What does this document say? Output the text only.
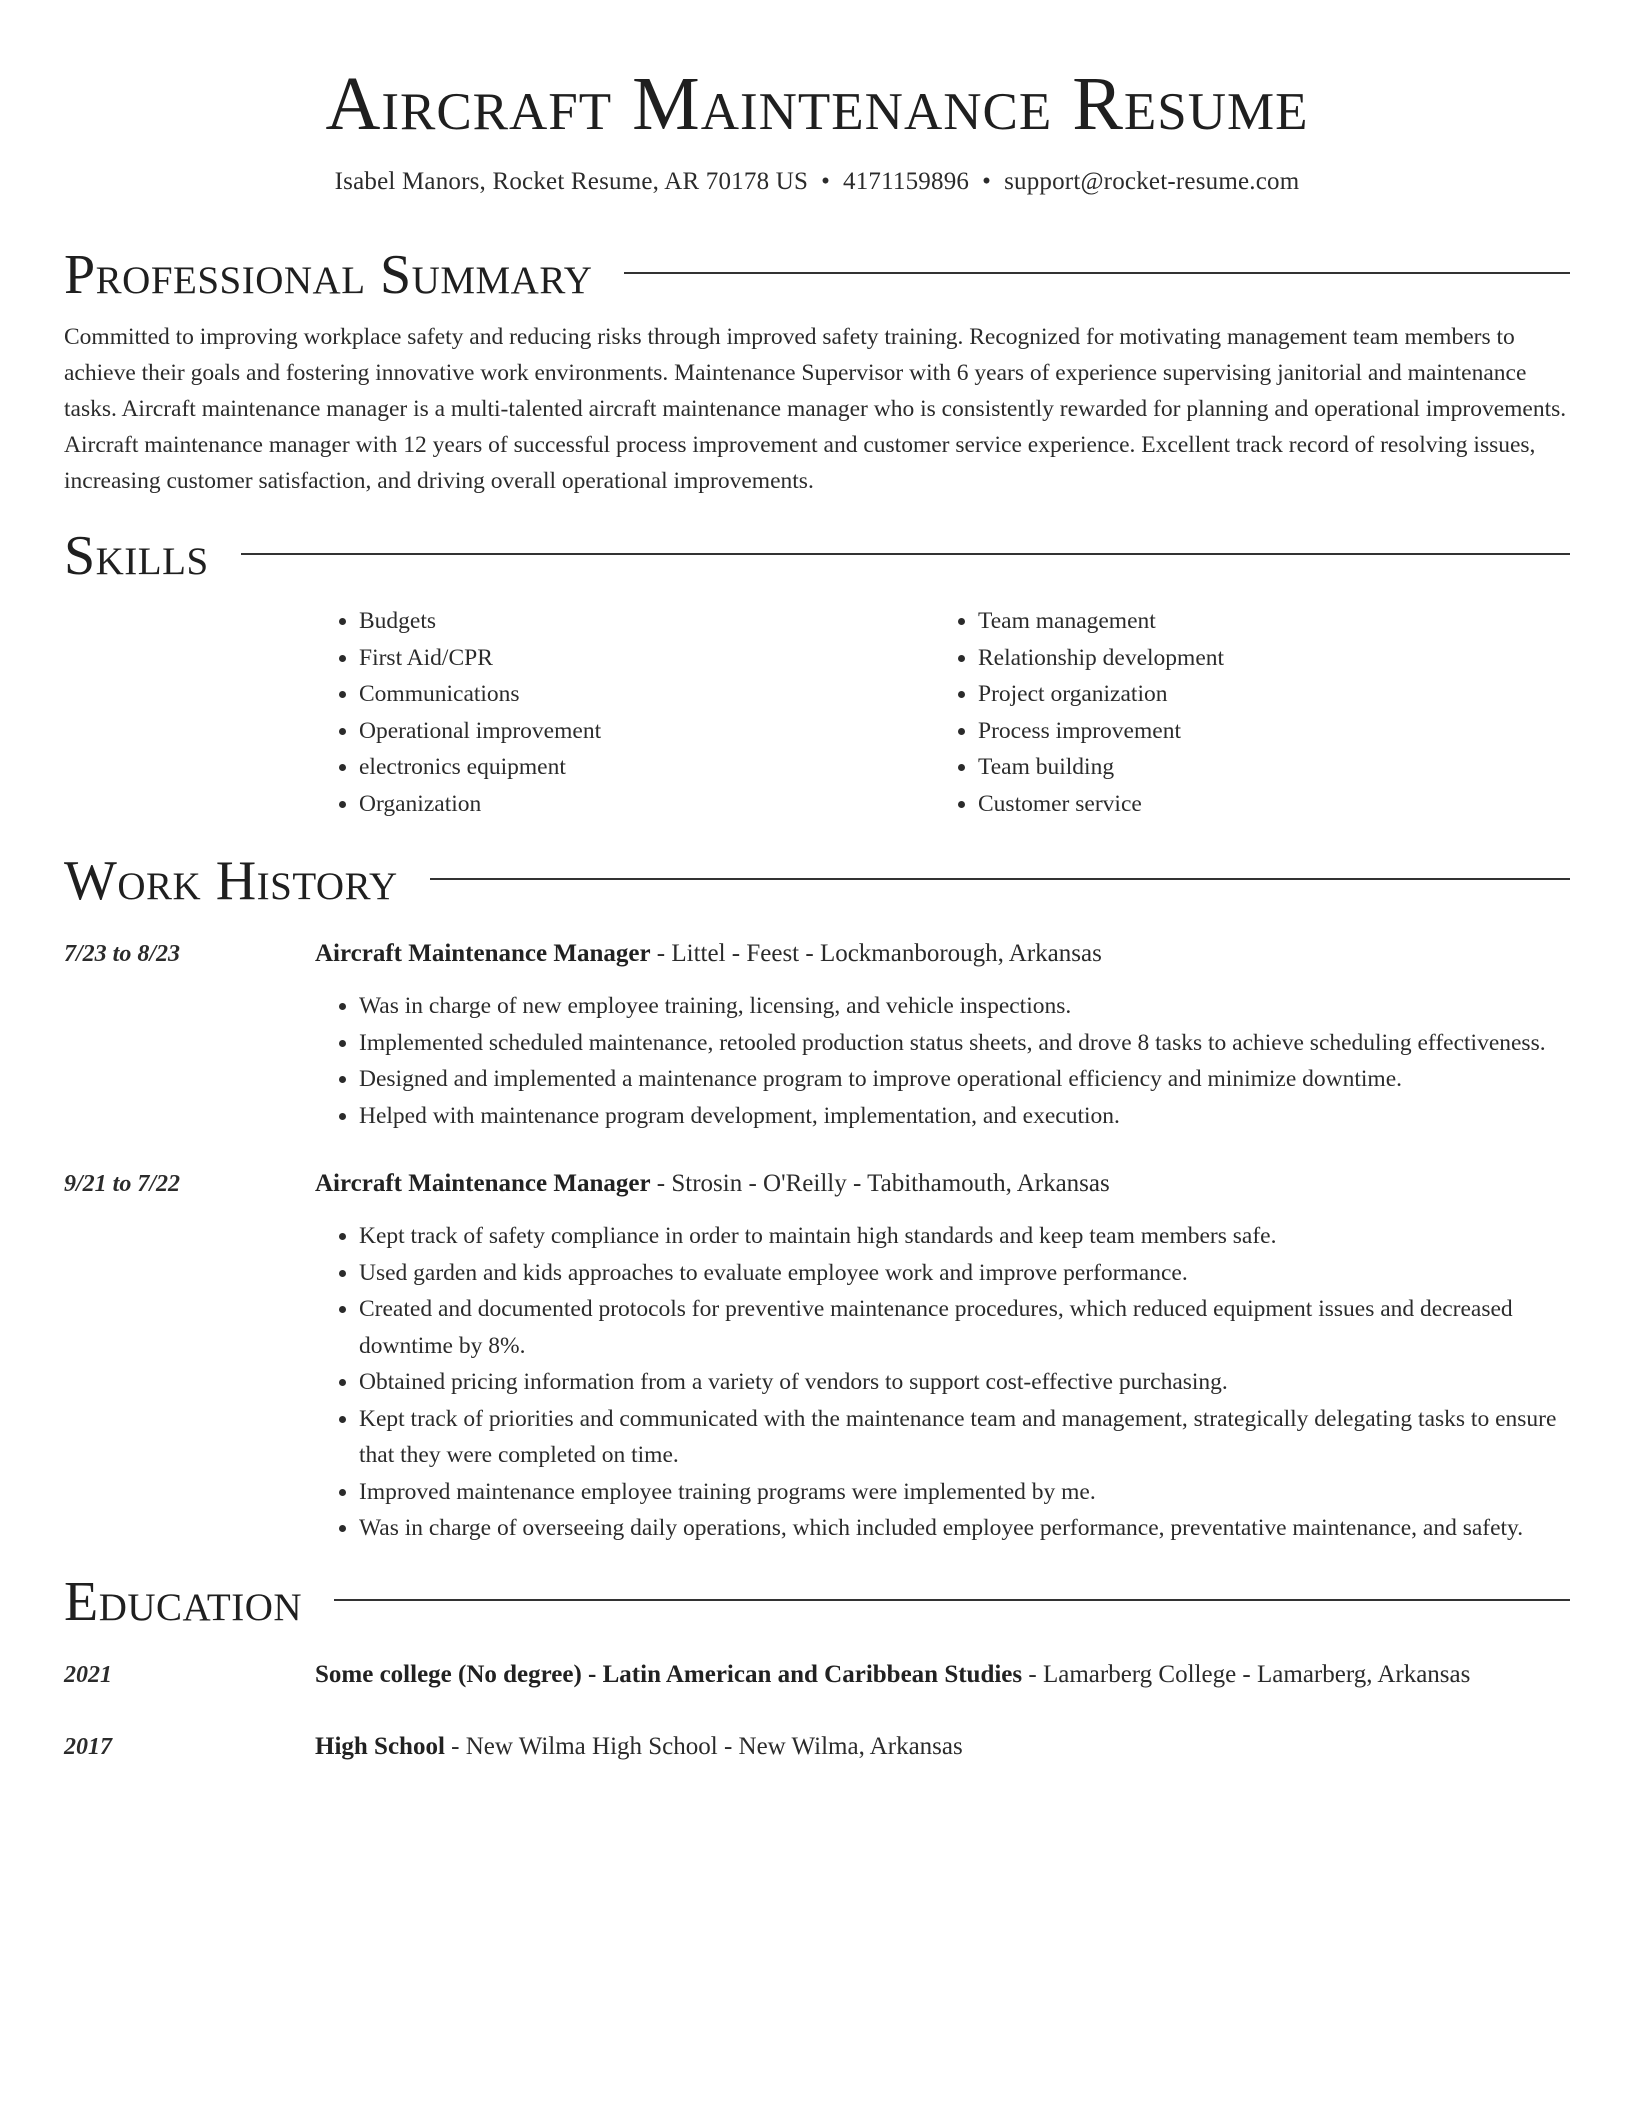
Aircraft Maintenance Resume
Isabel Manors, Rocket Resume, AR 70178 US • 4171159896 • support@rocket-resume.com
Professional Summary

Committed to improving workplace safety and reducing risks through improved safety training. Recognized for motivating management team members to achieve their goals and fostering innovative work environments. Maintenance Supervisor with 6 years of experience supervising janitorial and maintenance tasks. Aircraft maintenance manager is a multi-talented aircraft maintenance manager who is consistently rewarded for planning and operational improvements. Aircraft maintenance manager with 12 years of successful process improvement and customer service experience. Excellent track record of resolving issues, increasing customer satisfaction, and driving overall operational improvements.

Skills
• Budgets
• First Aid/CPR
• Communications
• Operational improvement
• electronics equipment
• Organization
• Team management
• Relationship development
• Project organization
• Process improvement
• Team building
• Customer service
Work History
7/23 to 8/23	Aircraft Maintenance Manager - Littel - Feest - Lockmanborough, Arkansas
• Was in charge of new employee training, licensing, and vehicle inspections.
• Implemented scheduled maintenance, retooled production status sheets, and drove 8 tasks to achieve scheduling effectiveness.
• Designed and implemented a maintenance program to improve operational efficiency and minimize downtime.
• Helped with maintenance program development, implementation, and execution.
9/21 to 7/22	Aircraft Maintenance Manager - Strosin - O'Reilly - Tabithamouth, Arkansas
• Kept track of safety compliance in order to maintain high standards and keep team members safe.
• Used garden and kids approaches to evaluate employee work and improve performance.
• Created and documented protocols for preventive maintenance procedures, which reduced equipment issues and decreased downtime by 8%.
• Obtained pricing information from a variety of vendors to support cost-effective purchasing.
• Kept track of priorities and communicated with the maintenance team and management, strategically delegating tasks to ensure that they were completed on time.
• Improved maintenance employee training programs were implemented by me.
• Was in charge of overseeing daily operations, which included employee performance, preventative maintenance, and safety.
Education
2021	Some college (No degree) - Latin American and Caribbean Studies - Lamarberg College - Lamarberg, Arkansas
2017	High School - New Wilma High School - New Wilma, Arkansas
